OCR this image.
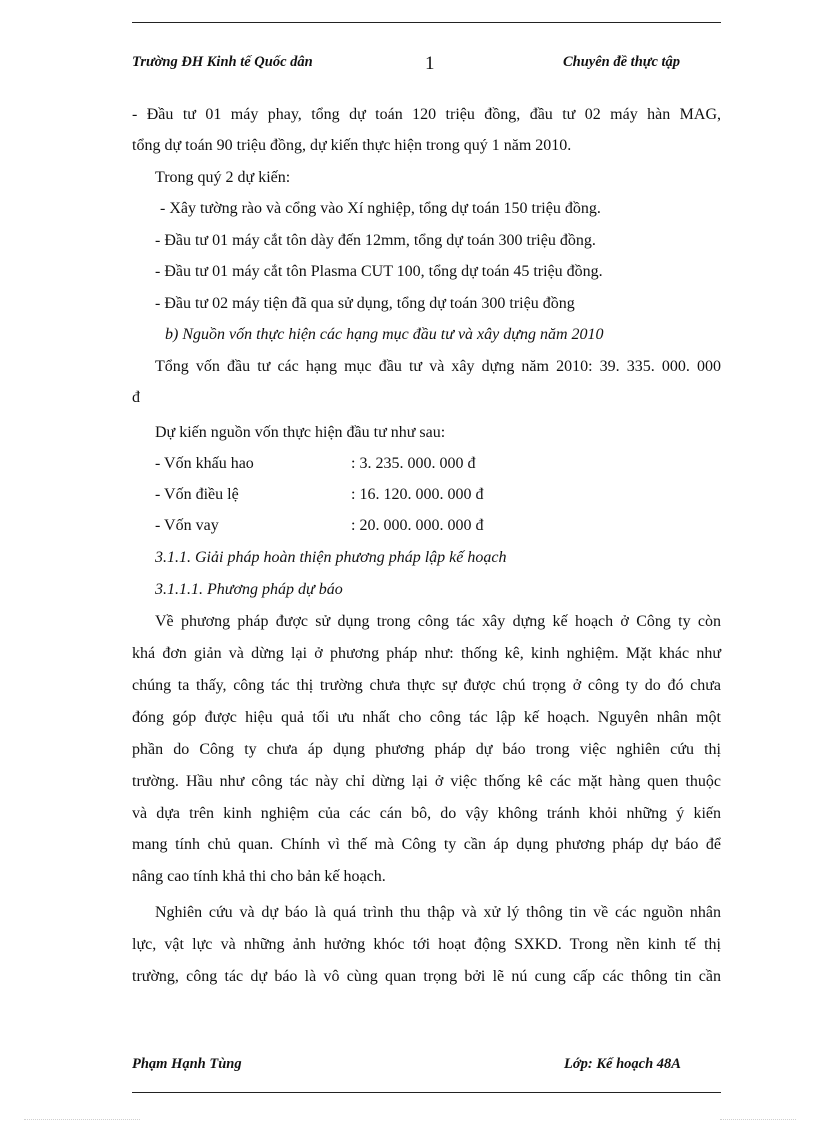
Trường ĐH Kinh tế Quốc dân	1	Chuyên đề thực tập
- Đầu tư 01 máy phay, tổng dự toán 120 triệu đồng, đầu tư 02 máy hàn MAG,
tổng dự toán 90 triệu đồng, dự kiến thực hiện trong quý 1 năm 2010.
Trong quý 2 dự kiến:
- Xây tường rào và cổng vào Xí nghiệp, tổng dự toán 150 triệu đồng.
- Đầu tư 01 máy cắt tôn dày đến 12mm, tổng dự toán 300 triệu đồng.
- Đầu tư 01 máy cắt tôn Plasma CUT 100, tổng dự toán 45 triệu đồng.
- Đầu tư 02 máy tiện đã qua sử dụng, tổng dự toán 300 triệu đồng
b) Nguồn vốn thực hiện các hạng mục đầu tư và xây dựng năm 2010
Tổng vốn đầu tư các hạng mục đầu tư và xây dựng năm 2010: 39. 335. 000. 000
đ
Dự kiến nguồn vốn thực hiện đầu tư như sau:
- Vốn khấu hao	: 3. 235. 000. 000 đ
- Vốn điều lệ	: 16. 120. 000. 000 đ
- Vốn vay	: 20. 000. 000. 000 đ
3.1.1. Giải pháp hoàn thiện phương pháp lập kế hoạch
3.1.1.1. Phương pháp dự báo
Về phương pháp được sử dụng trong công tác xây dựng kế hoạch ở Công ty còn
khá đơn giản và dừng lại ở phương pháp như: thống kê, kinh nghiệm. Mặt khác như
chúng ta thấy, công tác thị trường chưa thực sự được chú trọng ở công ty do đó chưa
đóng góp được hiệu quả tối ưu nhất cho công tác lập kế hoạch. Nguyên nhân một
phần do Công ty chưa áp dụng phương pháp dự báo trong việc nghiên cứu thị
trường. Hầu như công tác này chỉ dừng lại ở việc thống kê các mặt hàng quen thuộc
và dựa trên kinh nghiệm của các cán bô, do vậy không tránh khỏi những ý kiến
mang tính chủ quan. Chính vì thế mà Công ty cần áp dụng phương pháp dự báo để
nâng cao tính khả thi cho bản kế hoạch.
Nghiên cứu và dự báo là quá trình thu thập và xử lý thông tin về các nguồn nhân
lực, vật lực và những ảnh hưởng khóc tới hoạt động SXKD. Trong nền kinh tế thị
trường, công tác dự báo là vô cùng quan trọng bởi lẽ nú cung cấp các thông tin cần
Phạm Hạnh Tùng	Lớp: Kế hoạch 48A
